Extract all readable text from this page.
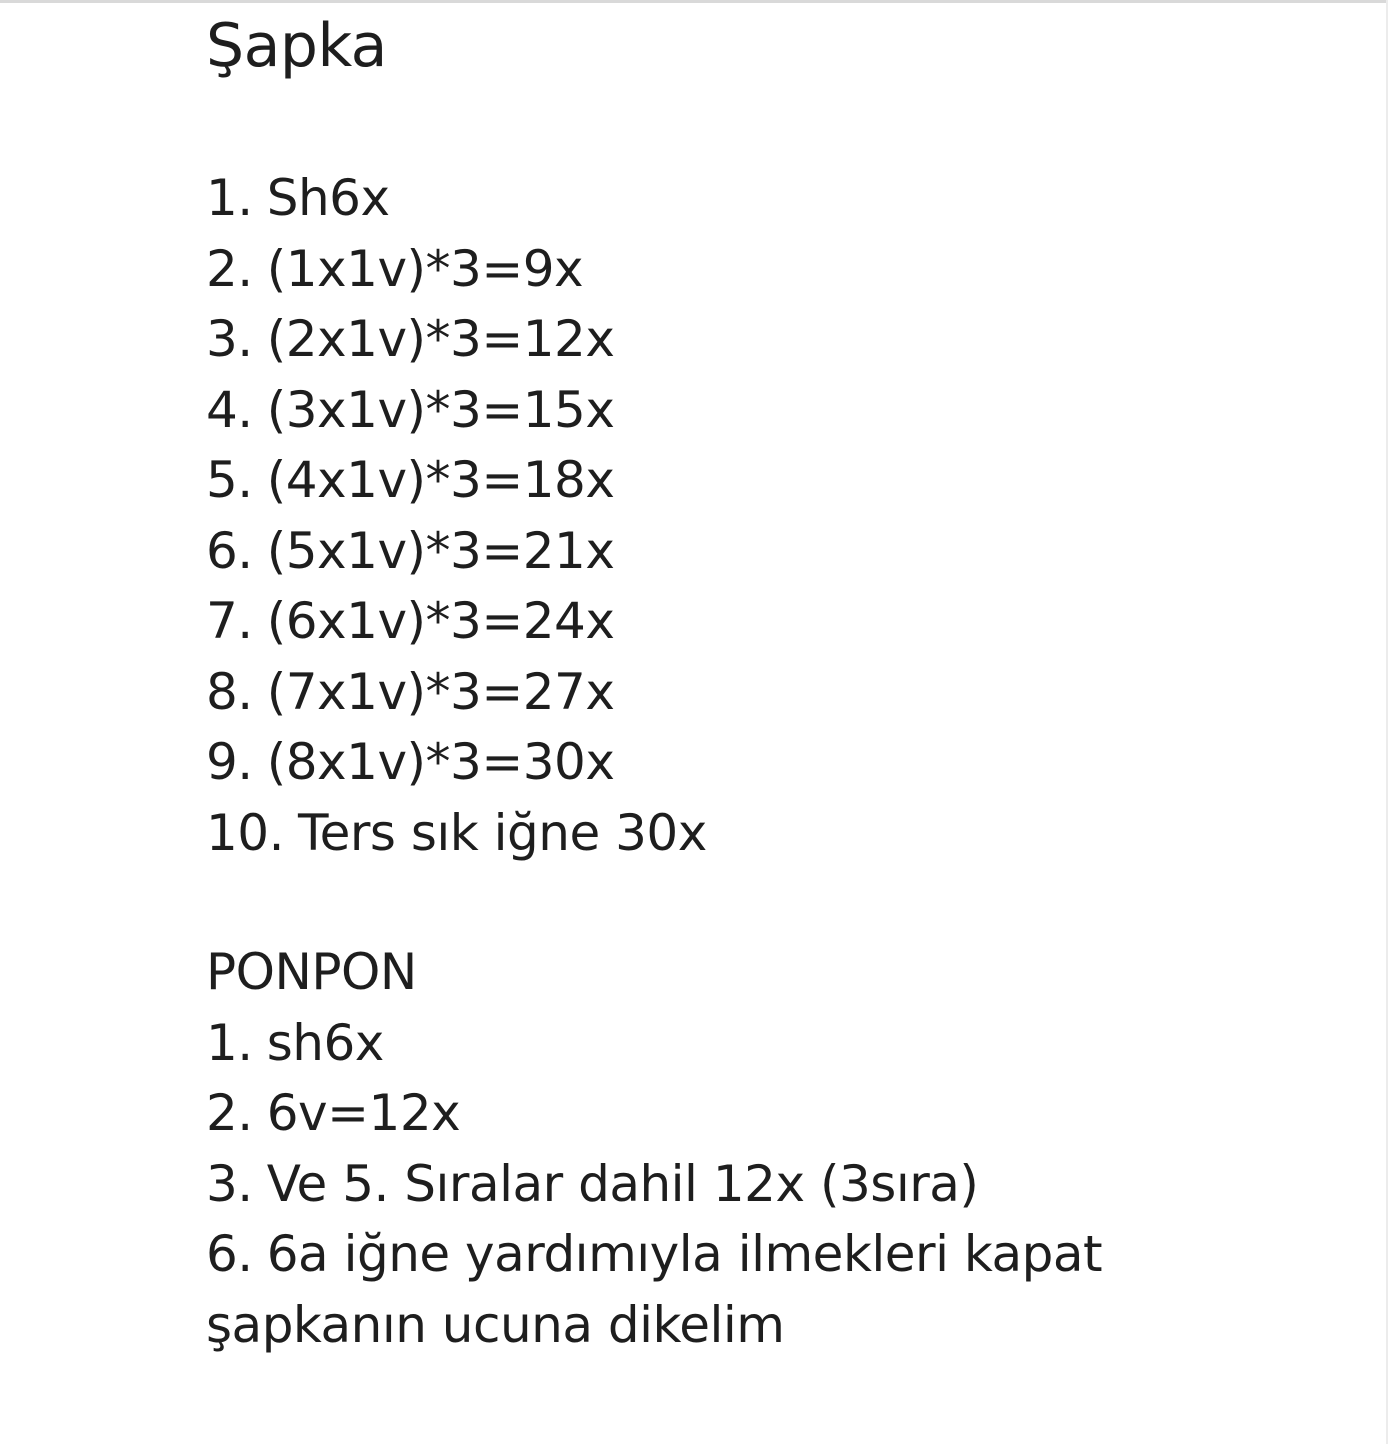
Şapka
1. Sh6x
2. (1x1v)*3=9x
3. (2x1v)*3=12x
4. (3x1v)*3=15x
5. (4x1v)*3=18x
6. (5x1v)*3=21x
7. (6x1v)*3=24x
8. (7x1v)*3=27x
9. (8x1v)*3=30x
10. Ters sık iğne 30x
PONPON
1. sh6x
2. 6v=12x
3. Ve 5. Sıralar dahil 12x (3sıra)
6. 6a iğne yardımıyla ilmekleri kapat
şapkanın ucuna dikelim
